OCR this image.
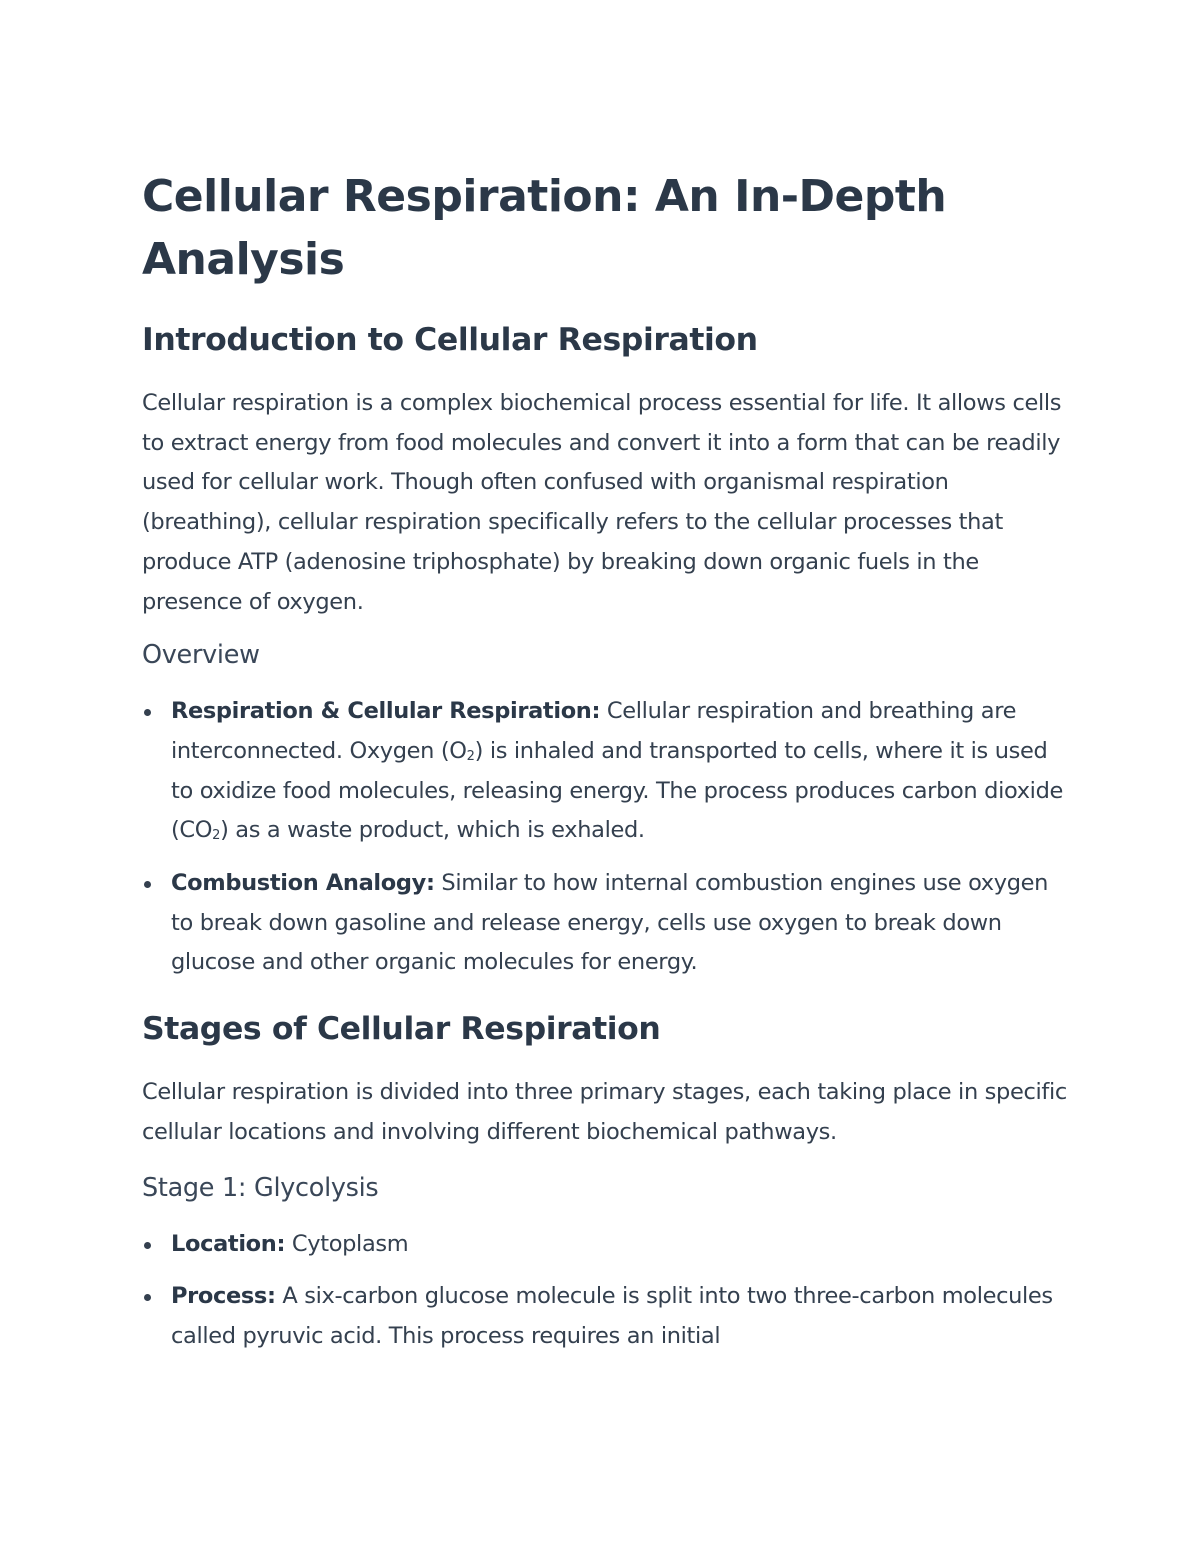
Cellular Respiration: An In-Depth Analysis
Introduction to Cellular Respiration

Cellular respiration is a complex biochemical process essential for life. It allows cells to extract energy from food molecules and convert it into a form that can be readily used for cellular work. Though often confused with organismal respiration (breathing), cellular respiration specifically refers to the cellular processes that produce ATP (adenosine triphosphate) by breaking down organic fuels in the presence of oxygen.

Overview
Respiration & Cellular Respiration: Cellular respiration and breathing are interconnected. Oxygen $(O_2)$ is inhaled and transported to cells, where it is used to oxidize food molecules, releasing energy. The process produces carbon dioxide $(CO_2)$ as a waste product, which is exhaled.
Combustion Analogy: Similar to how internal combustion engines use oxygen to break down gasoline and release energy, cells use oxygen to break down glucose and other organic molecules for energy.
Stages of Cellular Respiration

Cellular respiration is divided into three primary stages, each taking place in specific cellular locations and involving different biochemical pathways.

Stage 1: Glycolysis
Location: Cytoplasm
Process: A six-carbon glucose molecule is split into two three-carbon molecules called pyruvic acid. This process requires an initial
